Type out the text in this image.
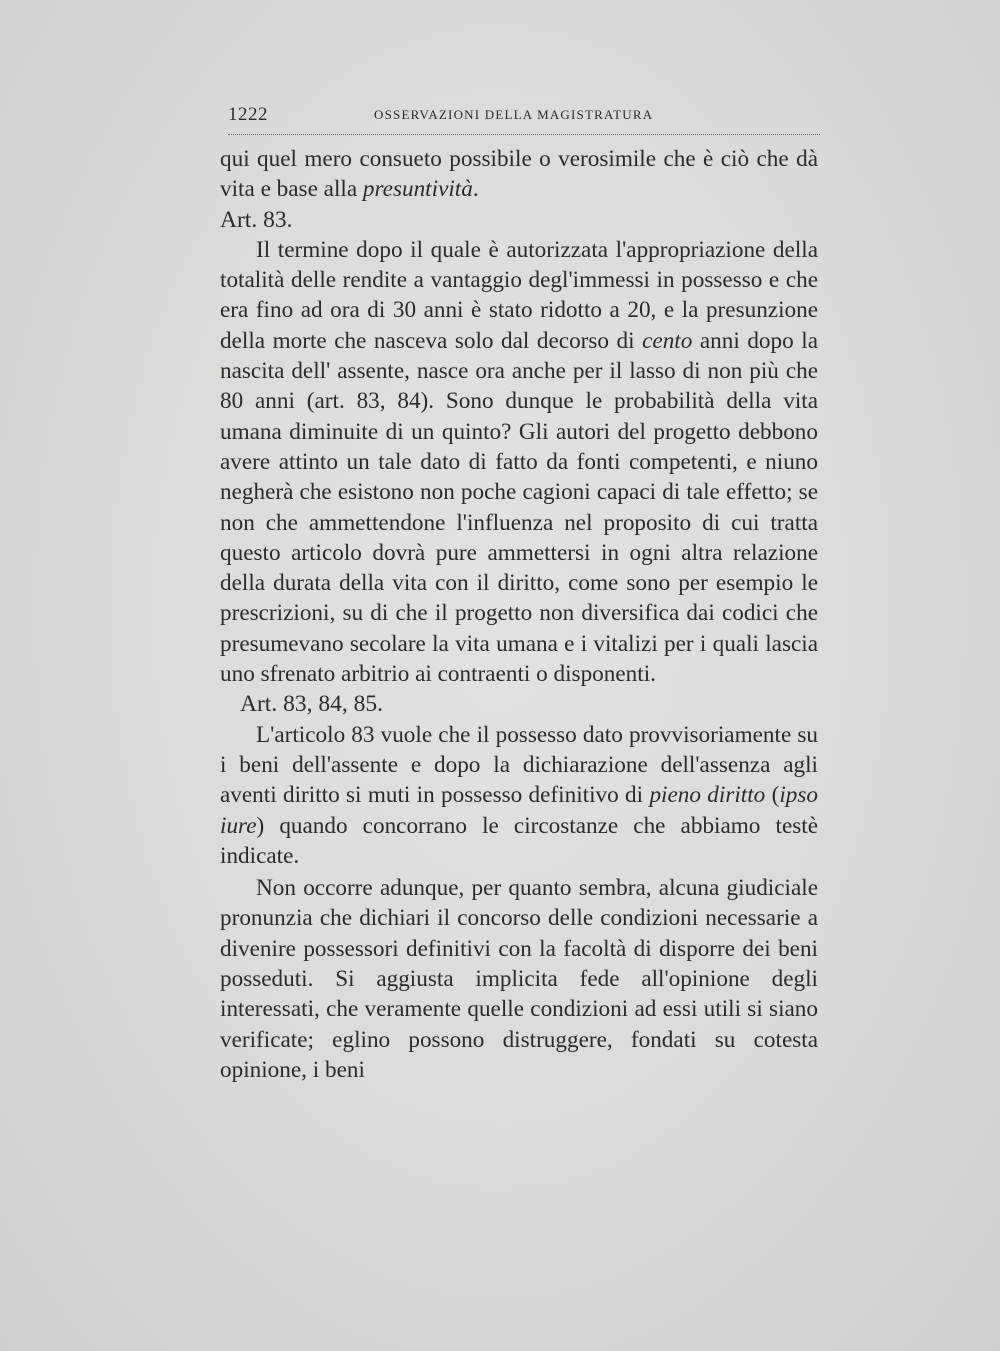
1222	OSSERVAZIONI DELLA MAGISTRATURA

qui quel mero consueto possibile o verosimile che è ciò che dà vita e base alla presuntività.

Art. 83.

Il termine dopo il quale è autorizzata l'appropriazione della totalità delle rendite a vantaggio degl'immessi in possesso e che era fino ad ora di 30 anni è stato ridotto a 20, e la presunzione della morte che nasceva solo dal decorso di cento anni dopo la nascita dell' assente, nasce ora anche per il lasso di non più che 80 anni (art. 83, 84). Sono dunque le probabilità della vita umana diminuite di un quinto? Gli autori del progetto debbono avere attinto un tale dato di fatto da fonti competenti, e niuno negherà che esistono non poche cagioni capaci di tale effetto; se non che ammettendone l'influenza nel proposito di cui tratta questo articolo dovrà pure ammettersi in ogni altra relazione della durata della vita con il diritto, come sono per esempio le prescrizioni, su di che il progetto non diversifica dai codici che presumevano secolare la vita umana e i vitalizi per i quali lascia uno sfrenato arbitrio ai contraenti o disponenti.

Art. 83, 84, 85.

L'articolo 83 vuole che il possesso dato provvisoriamente su i beni dell'assente e dopo la dichiarazione dell'assenza agli aventi diritto si muti in possesso definitivo di pieno diritto (ipso iure) quando concorrano le circostanze che abbiamo testè indicate.

Non occorre adunque, per quanto sembra, alcuna giudiciale pronunzia che dichiari il concorso delle condizioni necessarie a divenire possessori definitivi con la facoltà di disporre dei beni posseduti. Si aggiusta implicita fede all'opinione degli interessati, che veramente quelle condizioni ad essi utili si siano verificate; eglino possono distruggere, fondati su cotesta opinione, i beni
